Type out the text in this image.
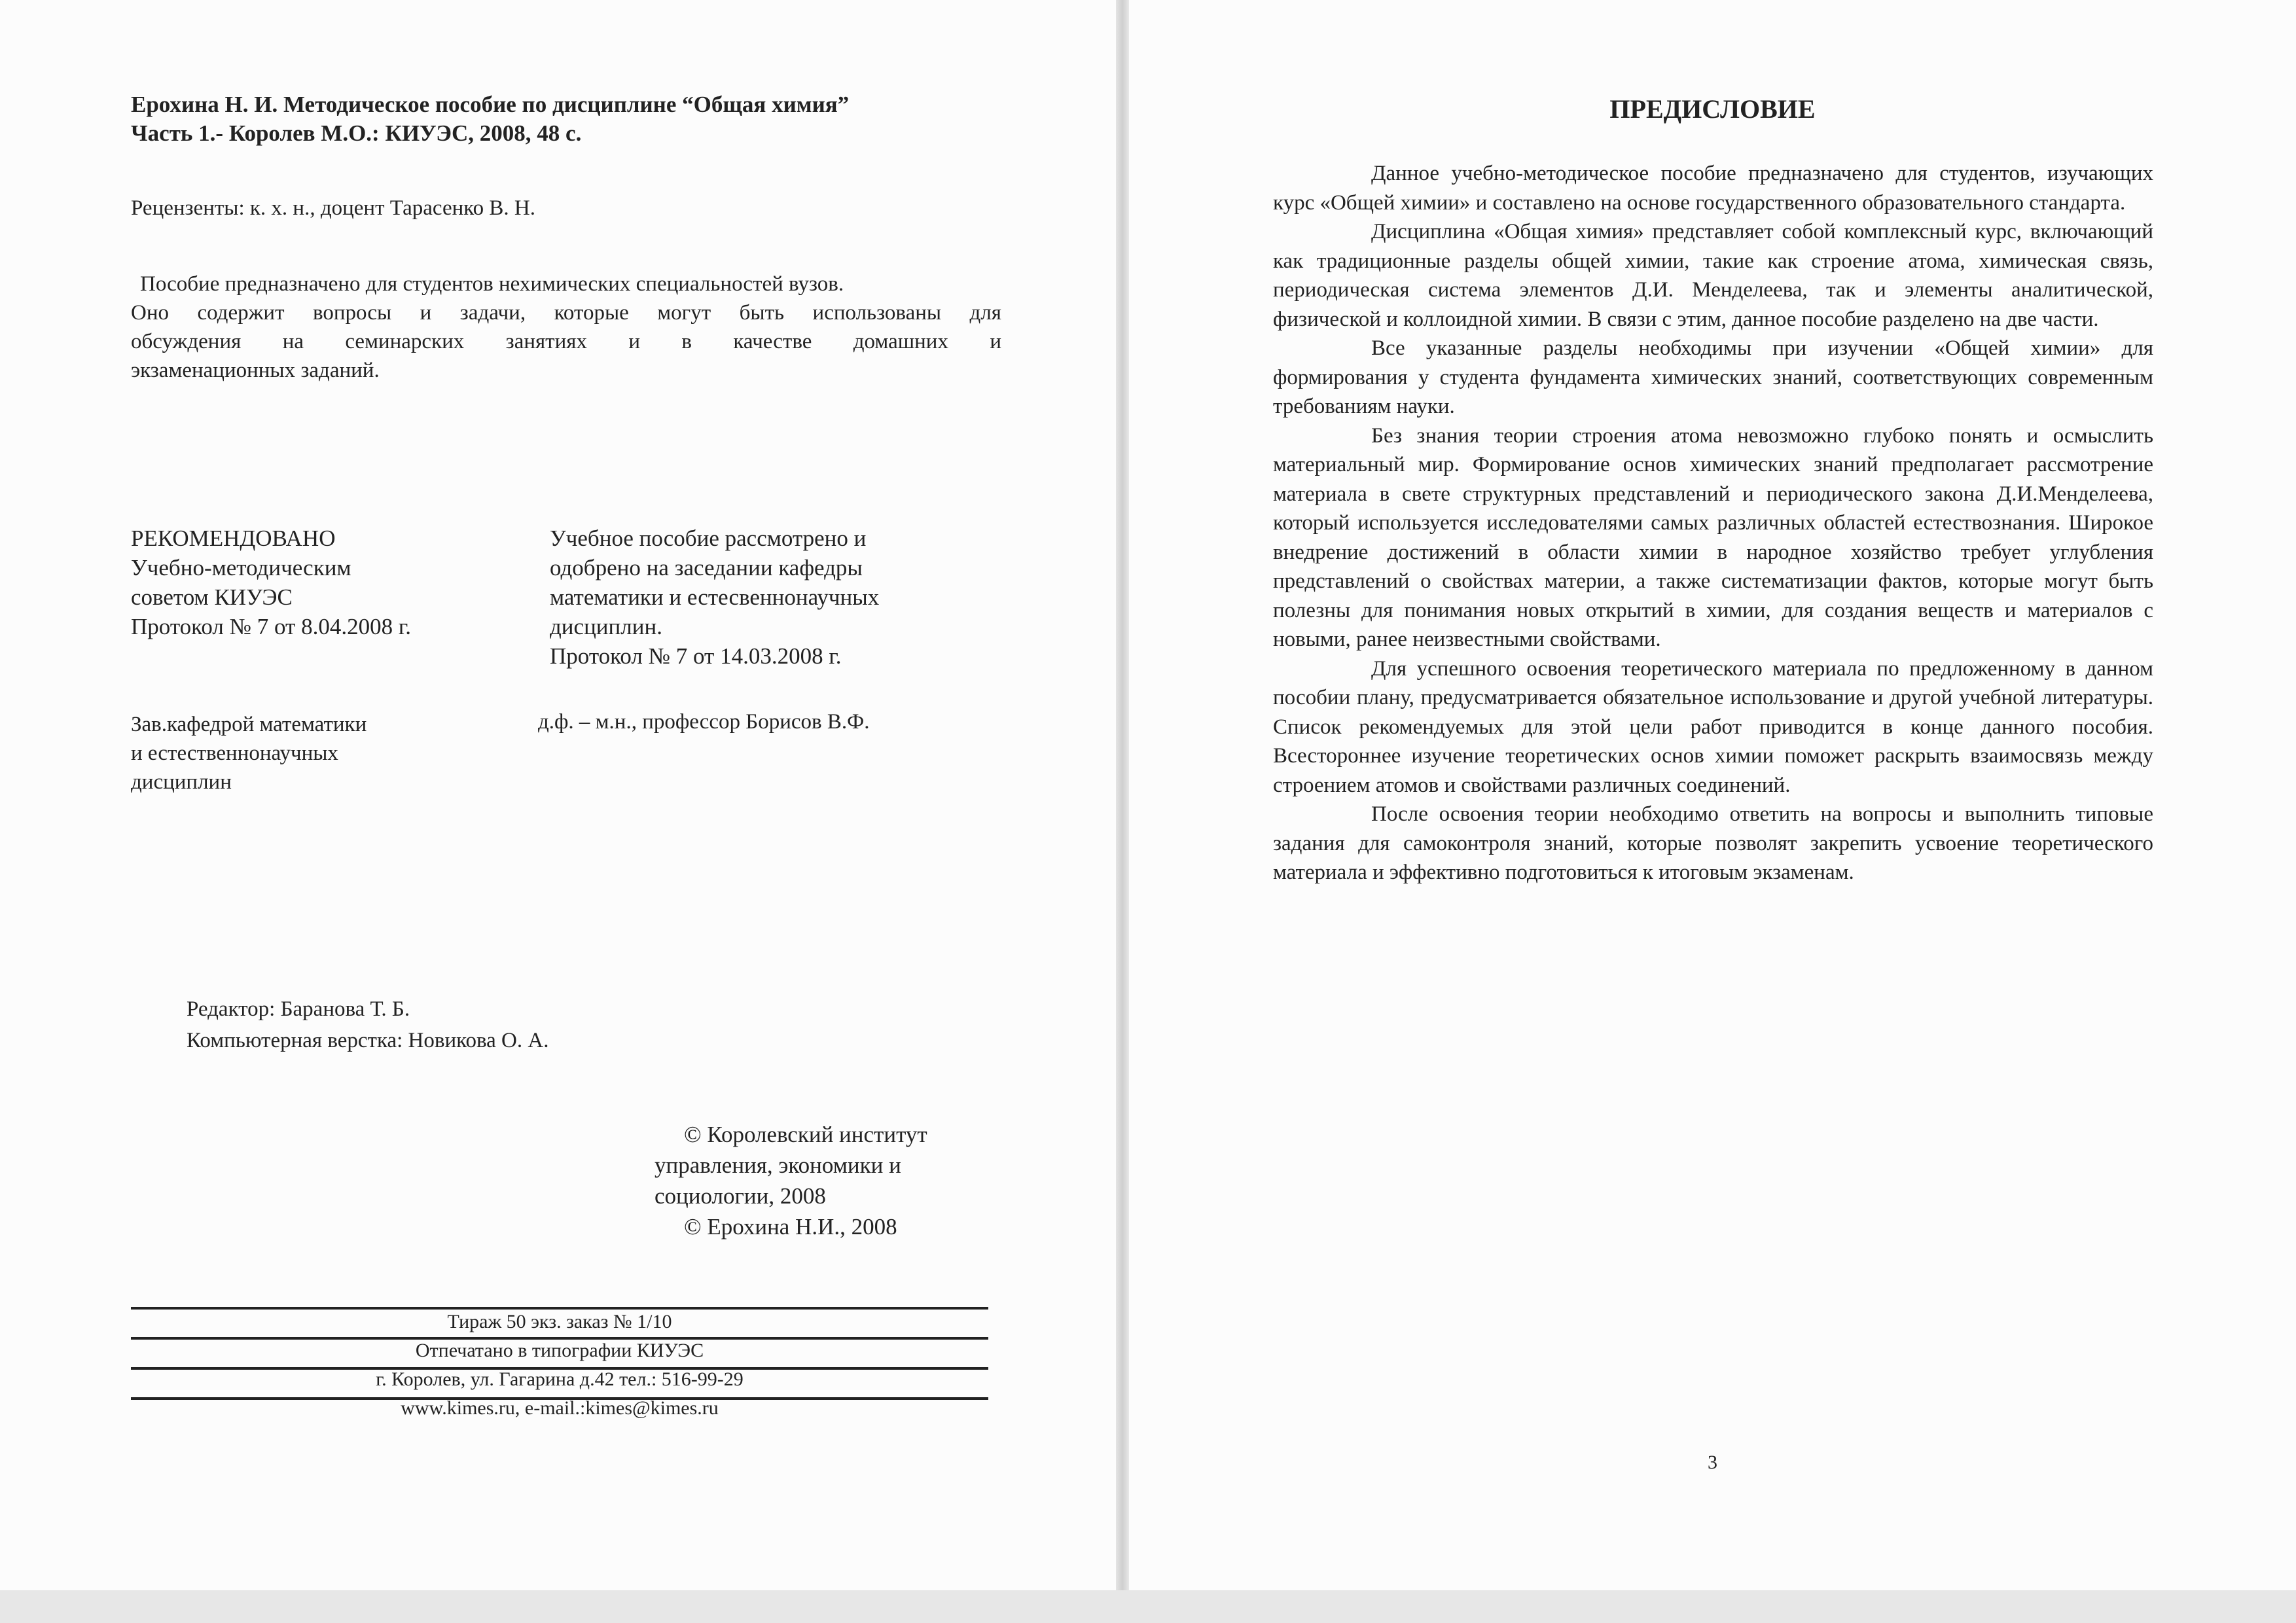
Ерохина Н. И. Методическое пособие по дисциплине “Общая химия”
Часть 1.- Королев М.О.: КИУЭС, 2008, 48 с.
Рецензенты: к. х. н., доцент Тарасенко В. Н.
Пособие предназначено для студентов нехимических специальностей вузов.
Оно содержит вопросы и задачи, которые могут быть использованы для
обсуждения на семинарских занятиях и в качестве домашних и
экзаменационных заданий.
РЕКОМЕНДОВАНО
Учебно-методическим
советом КИУЭС
Протокол № 7 от 8.04.2008 г.
Учебное пособие рассмотрено и
одобрено на заседании кафедры
математики и естесвеннонаучных
дисциплин.
Протокол № 7 от 14.03.2008 г.
Зав.кафедрой математики
и естественнонаучных
дисциплин
д.ф. – м.н., профессор Борисов В.Ф.
Редактор: Баранова Т. Б.
Компьютерная верстка: Новикова О. А.
© Королевский институт
управления, экономики и
социологии, 2008
© Ерохина Н.И., 2008
Тираж 50 экз. заказ № 1/10
Отпечатано в типографии КИУЭС
г. Королев, ул. Гагарина д.42 тел.: 516-99-29
www.kimes.ru, e-mail.:kimes@kimes.ru
ПРЕДИСЛОВИЕ

Данное учебно-методическое пособие предназначено для студентов, изучающих курс «Общей химии» и составлено на основе государственного образовательного стандарта.

Дисциплина «Общая химия» представляет собой комплексный курс, включающий как традиционные разделы общей химии, такие как строение атома, химическая связь, периодическая система элементов Д.И. Менделеева, так и элементы аналитической, физической и коллоидной химии. В связи с этим, данное пособие разделено на две части.

Все указанные разделы необходимы при изучении «Общей химии» для формирования у студента фундамента химических знаний, соответствующих современным требованиям науки.

Без знания теории строения атома невозможно глубоко понять и осмыслить материальный мир. Формирование основ химических знаний предполагает рассмотрение материала в свете структурных представлений и периодического закона Д.И.Менделеева, который используется исследователями самых различных областей естествознания. Широкое внедрение достижений в области химии в народное хозяйство требует углубления представлений о свойствах материи, а также систематизации фактов, которые могут быть полезны для понимания новых открытий в химии, для создания веществ и материалов с новыми, ранее неизвестными свойствами.

Для успешного освоения теоретического материала по предложенному в данном пособии плану, предусматривается обязательное использование и другой учебной литературы. Список рекомендуемых для этой цели работ приводится в конце данного пособия. Всестороннее изучение теоретических основ химии поможет раскрыть взаимосвязь между строением атомов и свойствами различных соединений.

После освоения теории необходимо ответить на вопросы и выполнить типовые задания для самоконтроля знаний, которые позволят закрепить усвоение теоретического материала и эффективно подготовиться к итоговым экзаменам.

3
